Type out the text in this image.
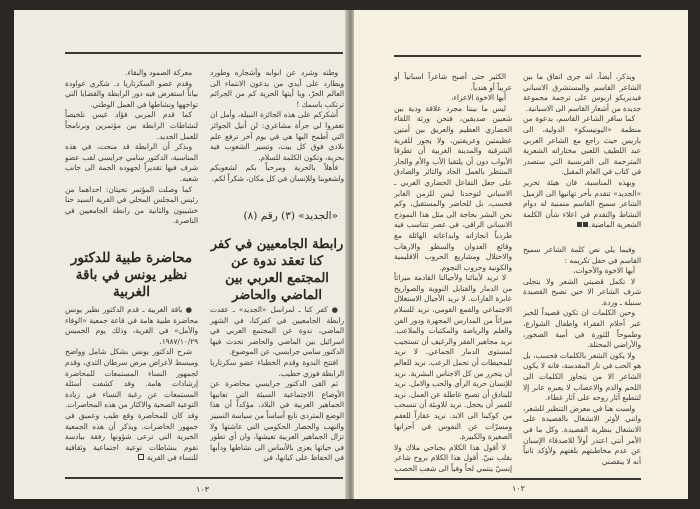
وطنه وشرد عن ابوابه وأشجاره وطورد ويطارد على أيدي من يدعون الانتماء الى العالم الحرّ، ويا أيتها الحرية كم من الجرائم ترتكب باسمك !

أشكركم على هذه الجائزة النبيلة، وأمل ان تغفروا لي جرأة مشاعري: لن أنيل الجوائز التي أطمح اليها هي في يوم آخر ترفع علم بلادي فوق كل بيت، وتسير الشعوب فيه بحرية، وتكون الكلمة للسلام.

فأهلاً بالحرية ومرحباً بكم لشعوبكم ولشعوبنا وللإنسان في كل مكان، شكراً لكم.

«الجديد» (٣) رقم (٨)
رابطة الجامعيين في كفر كنا تعقد ندوة عن المجتمع العربي بين الماضي والحاضر

● كفر كنا ـ لمراسل «الجديد» ـ عقدت رابطة الجامعيين في كفركنا، في الشهر الماضي، ندوة عن المجتمع العربي في اسرائيل بين الماضي والحاضر تحدث فيها الدكتور سامي جرايسي، عن الموضوع.

افتتح الندوة وقدم الخطباء عضو سكرتاريا الرابطة فوزي خطيب.

ثم القى الدكتور جرايسي محاضرة عن الأوضاع الاجتماعية السيئة التي تعانيها الجماهير العربية في البلاد، مؤكداً أن هذا الوضع المتردي نابع أساساً من سياسة التمييز والنهب والحصار الحكومي التي عاشتها ولا تزال الجماهير العربية تعيشها، وان أي تطور في حياتها يعزى بالأساس الى نشاطها ودأبها في الحفاظ على كيانها، في

معركة الصمود والبقاء.

وقدم عضو السكرتاريا د. شكري عواودة بياناً استعرض فيه دور الرابطة والقضايا التي تواجهها ونشاطها في العمل الوطني.

كما قدم المربي فؤاد غيس تلخيصاً لنشاطات الرابطة بين مؤتمرين وبرنامجاً للعمل الجديد.

وبذكر أن الرابطة قد منحت، في هذه المناسبة، الدكتور سامي جرايسي لقب عضو شرف فيها تقديراً لجهوده الجمة الى جانب شعبه.

كما وصلت المؤتمر تحيتان: احداهما من رئيس المجلس المحلي في القرية السيد حنا خشيبون والثانية من رابطة الجامعيين في الناصرة.

محاضرة طبية للدكتور نظير يونس في باقة الغربية

● باقة الغربية ـ قدم الدكتور نظير يونس محاضرة طبية هامة في قاعة جمعية «الوفاء والأمل» في القرية، وذلك يوم الخميس ١٩٨٧/١٠/٢٩.

شرح الدكتور يونس بشكل شامل وواضح ومبسط لأعراض مرض سرطان الثدي، وقدم لجمهور النساء المستمعات للمحاضرة إرشادات هامة. وقد كشفت أسئلة المستمعات عن رغبة النساء في زيادة التوعية الصحية والاكثار من هذه المحاضرات. وقد كان للمحاضرة وقع طيب وعميق في جمهور الحاضرات. ويذكر أن هذه الجمعية الخيرية التي ترعى شؤونها رفقة بيادسة تقوم بنشاطات توعية اجتماعية وثقافية للنساء في القرية

١٠٣

ويذكر، أيضاً، انه جرى اتفاق ما بين الشاعر القاسم والمستشرق الاسباني فيديريكو اربوس على ترجمة مجموعة جديدة من أشعار القاسم الى الاسبانية.

كما سافر الشاعر القاسم، بدعوة من منظمة «اليونيسكو» الدولية، الى باريس حيث راجع مع الشاعر العربي عبد اللطيف اللعبي مختاراته الشعرية المترجمة الى الفرنسية التي ستصدر في كتاب في العام المقبل.

وبهذه المناسبة، فان هيئة تحرير «الجديد» تتقدم بأحر تهانيها الى الزميل الشاعر سميح القاسم متمنية له دوام النشاط والتقدم في اعلاء شأن الكلمة الشعرية الماضية.

وفيما يلي نص كلمة الشاعر سميح القاسم في حفل تكريمه :

أيها الاخوة والأخوات،

لا تكمل قضيتي الشعر ولا يتجلى شرف الشاعر الا حين تصبح القصيدة سنبلة ـ وردة.

وحين الكلمات ان تكون قصيداً للخبز عبر أحلام الفقراء واطفال الشوارع، وطموحاً للثورة في أمية الصخور، والأراضي المحتلة.

ولا يكون الشعر بالكلمات فحسب، بل هو الحب في نار المقدسة، فانه لا يكون الشاعر الا من يتجاوز الكلمات الى اللحم والدم والاعصاب لا يعبره عابر إلا لتنطبع آثار روحه على آثار غطاء.

ولست هنا في معرض التنظير للشعر، وانني لأوثر الانشغال بالقصيدة على الانشغال بنظرية القصيدة. وكل ما في الأمر أنني اعتذر أولاً للاصدقاء الإسبان عن عدم مخاطبتهم بلغتهم ولأؤكد ثانياً أنه لا ينقصني

الكثير حتى أصبح شاعراً اسبانياً أو عربياً أو هندياً.

أيها الاخوة الاعزاء،

ليس ما بيننا مجرد علاقة ودية بين شعبين صديقين، فنحن ورثة اللقاء الحضاري العظيم والعريق بين أمتين عظيمتين وعريقتين، ولا يجوز للقرية الشرقية والمدينة الغربية أن تطرقا الأبواب دون أن يلتقيا الأب والأم والجار المنتظر بالعمل الجاد والثائر والصادق على جعل التفاعل الحضاري العربي ـ الاسباني لتوحدنا ليس للزمن الغابر فحسب، بل للحاضر والمستقبل، وكم نحن البشر بحاجة الى مثل هذا النموذج الانساني الراقي، في عصر تتناسب فيه طردياً انجازاته وابداعاته الهائلة مع وقائع العدوان والسطو والارهاب والاحتلال ومشاريع الحروب الاقليمية والكونية وحروب النجوم.

لا تريد لأبنائنا ولأجيالنا القادمة ميراثاً من الدمار والقنابل النووية والصواريخ عابرة القارات. لا نريد الأجيال الاستغلال الاجتماعي والقمع القومي. نريد للسلام ميراثاً من المدارس المجهزة ودور الفن والعلم والرياضة والمكتبات والملاعب. نريد مجاهير الفقر والرغيف أن تستجيب لمستوى الدمار الجماعي. لا نريد للمحيطات أن تحمل الرعب. نريد للعالم أن يتحرر من كل الاجناس البشرية. نريد للإنسان حرية الرأي والحب والامل. نريد للبنادق أن تصبح عاطلة عن العمل. نريد للقمر أن يخجل. نريد للاوبئة أن تنسحب من كوكبنا الى الابد. نريد عقاراً للعقم ومسرّات عن النفوس في أحزانها الصغيرة والكبيرة.

لا أقول هذا الكلام بجناحي ملاك ولا بقلب نبيّ. أقول هذا الكلام بروح شاعر إنسيّ ينتمي لحاً وفياً الى شعب الخصب

١٠٢
